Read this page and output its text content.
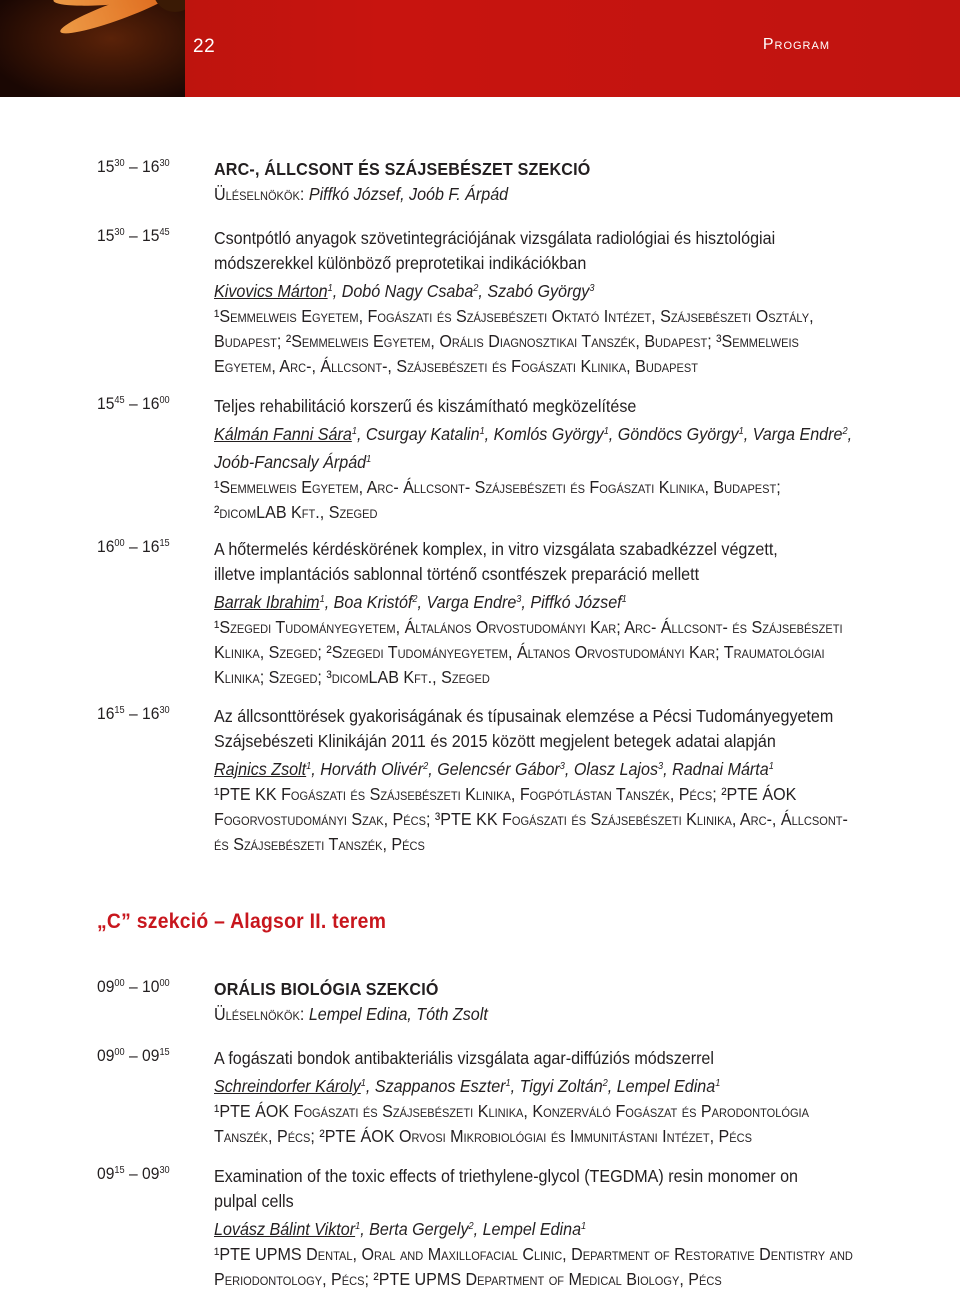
22	Program
$15^{30} - 16^{30}$	ARC-, ÁLLCSONT ÉS SZÁJSEBÉSZET SZEKCIÓ
Üléselnökök: Piffkó József, Joób F. Árpád
$15^{30} - 15^{45}$	Csontpótló anyagok szövetintegrációjának vizsgálata radiológiai és hisztológiai
módszerekkel különböző preprotetikai indikációkban
Kivovics Márton$^1$, Dobó Nagy Csaba$^2$, Szabó György$^3$
¹Semmelweis Egyetem, Fogászati és Szájsebészeti Oktató Intézet, Szájsebészeti Osztály,
Budapest; ²Semmelweis Egyetem, Orális Diagnosztikai Tanszék, Budapest; ³Semmelweis
Egyetem, Arc-, Állcsont-, Szájsebészeti és Fogászati Klinika, Budapest
$15^{45} - 16^{00}$	Teljes rehabilitáció korszerű és kiszámítható megközelítése
Kálmán Fanni Sára$^1$, Csurgay Katalin$^1$, Komlós György$^1$, Göndöcs György$^1$, Varga Endre$^2$,
Joób-Fancsaly Árpád$^1$
¹Semmelweis Egyetem, Arc- Állcsont- Szájsebészeti és Fogászati Klinika, Budapest;
²dicomLAB Kft., Szeged
$16^{00} - 16^{15}$	A hőtermelés kérdéskörének komplex, in vitro vizsgálata szabadkézzel végzett,
illetve implantációs sablonnal történő csontfészek preparáció mellett
Barrak Ibrahim$^1$, Boa Kristóf$^2$, Varga Endre$^3$, Piffkó József$^1$
¹Szegedi Tudományegyetem, Általános Orvostudományi Kar; Arc- Állcsont- és Szájsebészeti
Klinika, Szeged; ²Szegedi Tudományegyetem, Áltanos Orvostudományi Kar; Traumatológiai
Klinika; Szeged; ³dicomLAB Kft., Szeged
$16^{15} - 16^{30}$	Az állcsonttörések gyakoriságának és típusainak elemzése a Pécsi Tudományegyetem
Szájsebészeti Klinikáján 2011 és 2015 között megjelent betegek adatai alapján
Rajnics Zsolt$^1$, Horváth Olivér$^2$, Gelencsér Gábor$^3$, Olasz Lajos$^3$, Radnai Márta$^1$
¹PTE KK Fogászati és Szájsebészeti Klinika, Fogpótlástan Tanszék, Pécs; ²PTE ÁOK
Fogorvostudományi Szak, Pécs; ³PTE KK Fogászati és Szájsebészeti Klinika, Arc-, Állcsont-
és Szájsebészeti Tanszék, Pécs
$09^{00} - 10^{00}$	ORÁLIS BIOLÓGIA SZEKCIÓ
Üléselnökök: Lempel Edina, Tóth Zsolt
$09^{00} - 09^{15}$	A fogászati bondok antibakteriális vizsgálata agar-diffúziós módszerrel
Schreindorfer Károly$^1$, Szappanos Eszter$^1$, Tigyi Zoltán$^2$, Lempel Edina$^1$
¹PTE ÁOK Fogászati és Szájsebészeti Klinika, Konzerváló Fogászat és Parodontológia
Tanszék, Pécs; ²PTE ÁOK Orvosi Mikrobiológiai és Immunitástani Intézet, Pécs
$09^{15} - 09^{30}$	Examination of the toxic effects of triethylene-glycol (TEGDMA) resin monomer on
pulpal cells
Lovász Bálint Viktor$^1$, Berta Gergely$^2$, Lempel Edina$^1$
¹PTE UPMS Dental, Oral and Maxillofacial Clinic, Department of Restorative Dentistry and
Periodontology, Pécs; ²PTE UPMS Department of Medical Biology, Pécs
„C” szekció – Alagsor II. terem
